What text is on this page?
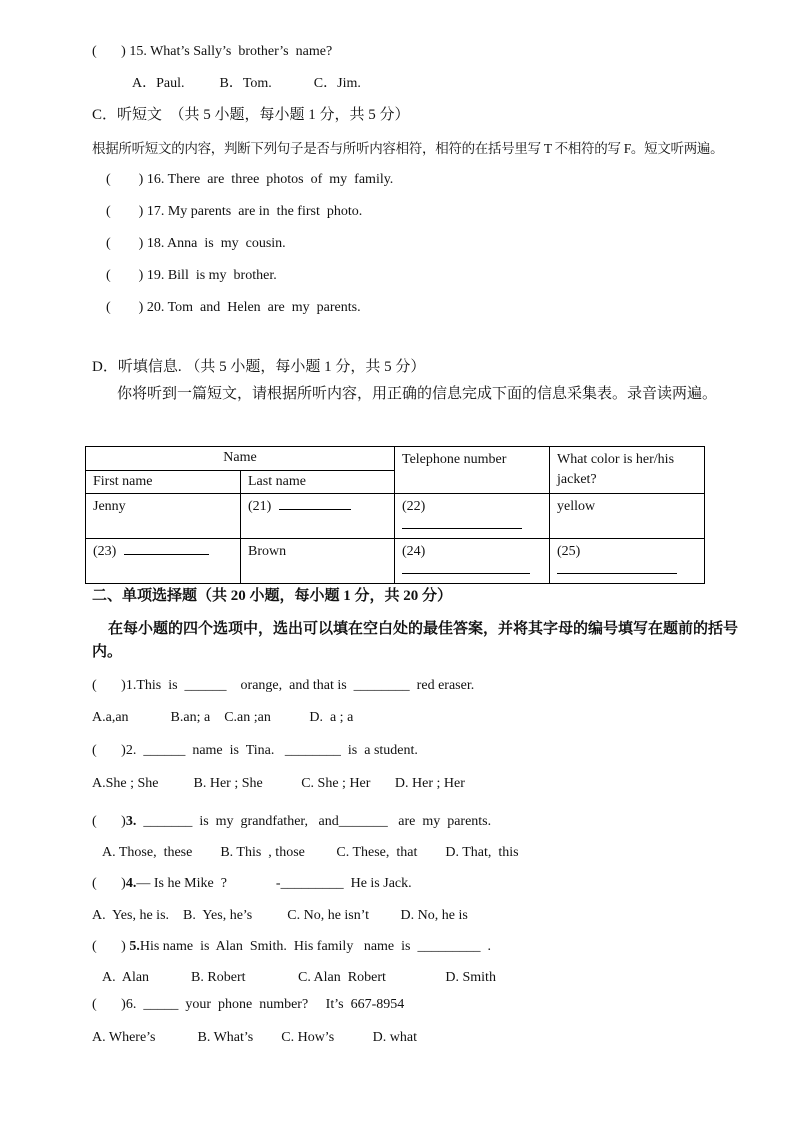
(       ) 15. What’s Sally’s  brother’s  name?
A．Paul.          B．Tom.            C．Jim.
C．听短文  （共 5 小题，每小题 1 分，共 5 分）
根据所听短文的内容，判断下列句子是否与所听内容相符，相符的在括号里写 T 不相符的写 F。短文听两遍。
(        ) 16. There  are  three  photos  of  my  family.
(        ) 17. My parents  are in  the first  photo.
(        ) 18. Anna  is  my  cousin.
(        ) 19. Bill  is my  brother.
(        ) 20. Tom  and  Helen  are  my  parents.
D．听填信息. （共 5 小题，每小题 1 分，共 5 分）
你将听到一篇短文，请根据所听内容，用正确的信息完成下面的信息采集表。录音读两遍。
Name		Telephone number	What color is her/his jacket?
First name	Last name		
Jenny	(21)	(22)	yellow
(23)	Brown	(24)	(25)
二、单项选择题（共 20 小题，每小题 1 分，共 20 分）
在每小题的四个选项中，选出可以填在空白处的最佳答案，并将其字母的编号填写在题前的括号内。
(       )1.This  is  ______    orange,  and that is  ________  red eraser.
A.a,an            B.an; a    C.an ;an           D.  a ; a
(       )2.  ______  name  is  Tina.   ________  is  a student.
A.She ; She          B. Her ; She           C. She ; Her       D. Her ; Her
(       )3.  _______  is  my  grandfather,   and_______   are  my  parents.
A. Those,  these        B. This  , those         C. These,  that        D. That,  this
(       )4.— Is he Mike  ?              -_________  He is Jack.
A.  Yes, he is.    B.  Yes, he’s          C. No, he isn’t         D. No, he is
(       ) 5.His name  is  Alan  Smith.  His family   name  is  _________  .
A.  Alan            B. Robert               C. Alan  Robert                 D. Smith
(       )6.  _____  your  phone  number?     It’s  667-8954
A. Where’s            B. What’s        C. How’s           D. what
